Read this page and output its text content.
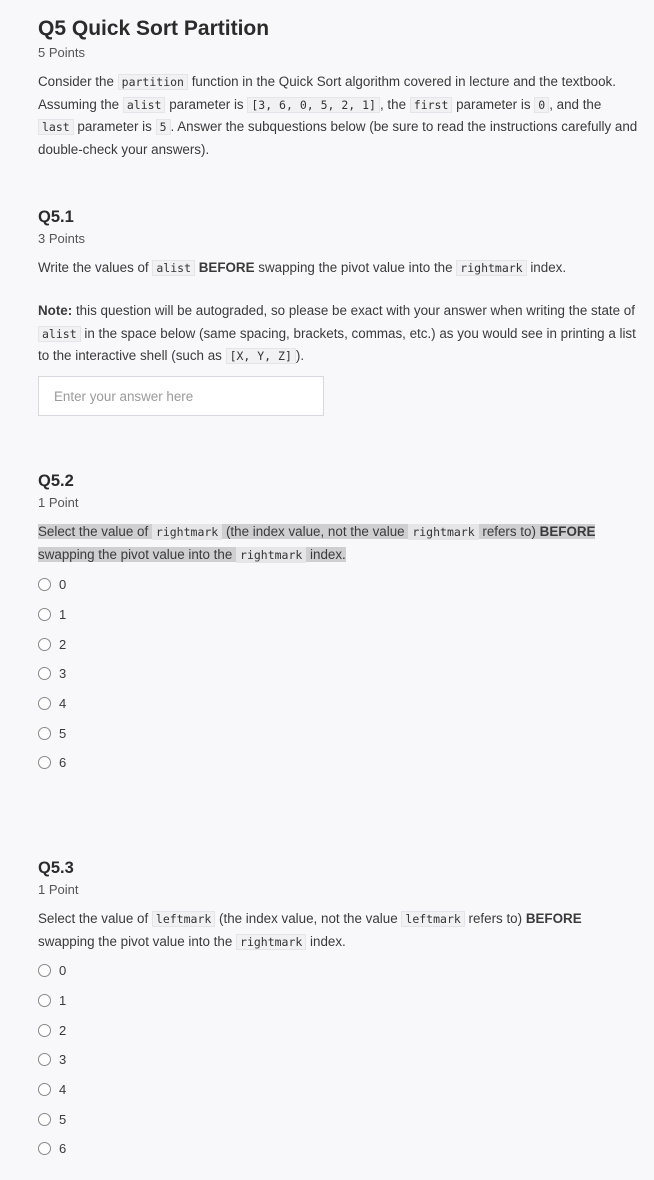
Q5 Quick Sort Partition
5 Points

Consider the partition function in the Quick Sort algorithm covered in lecture and the textbook. Assuming the alist parameter is [3, 6, 0, 5, 2, 1] , the first parameter is 0 , and the last parameter is 5 . Answer the subquestions below (be sure to read the instructions carefully and double-check your answers).

Q5.1
3 Points

Write the values of alist BEFORE swapping the pivot value into the rightmark index.

Note: this question will be autograded, so please be exact with your answer when writing the state of alist in the space below (same spacing, brackets, commas, etc.) as you would see in printing a list to the interactive shell (such as [X, Y, Z] ).

Enter your answer here
Q5.2
1 Point

Select the value of rightmark (the index value, not the value rightmark refers to) BEFORE swapping the pivot value into the rightmark index.

0
1
2
3
4
5
6
Q5.3
1 Point

Select the value of leftmark (the index value, not the value leftmark refers to) BEFORE swapping the pivot value into the rightmark index.

0
1
2
3
4
5
6
